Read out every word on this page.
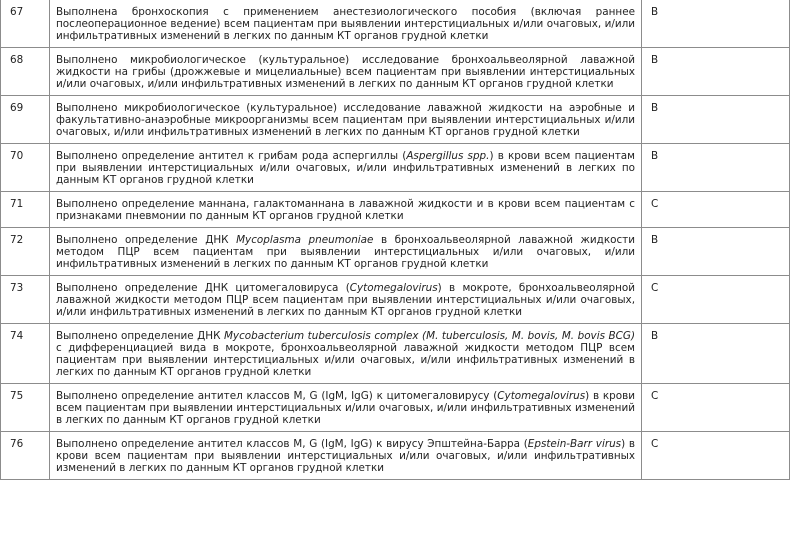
67	Выполнена бронхоскопия с применением анестезиологического пособия (включая раннее послеоперационное ведение) всем пациентам при выявлении интерстициальных и/или очаговых, и/или инфильтративных изменений в легких по данным КТ органов грудной клетки	B
68	Выполнено микробиологическое (культуральное) исследование бронхоальвеолярной лаважной жидкости на грибы (дрожжевые и мицелиальные) всем пациентам при выявлении интерстициальных и/или очаговых, и/или инфильтративных изменений в легких по данным КТ органов грудной клетки	B
69	Выполнено микробиологическое (культуральное) исследование лаважной жидкости на аэробные и факультативно-анаэробные микроорганизмы всем пациентам при выявлении интерстициальных и/или очаговых, и/или инфильтративных изменений в легких по данным КТ органов грудной клетки	B
70	Выполнено определение антител к грибам рода аспергиллы (Aspergillus spp.) в крови всем пациентам при выявлении интерстициальных и/или очаговых, и/или инфильтративных изменений в легких по данным КТ органов грудной клетки	B
71	Выполнено определение маннана, галактоманнана в лаважной жидкости и в крови всем пациентам с признаками пневмонии по данным КТ органов грудной клетки	C
72	Выполнено определение ДНК Mycoplasma pneumoniae в бронхоальвеолярной лаважной жидкости методом ПЦР всем пациентам при выявлении интерстициальных и/или очаговых, и/или инфильтративных изменений в легких по данным КТ органов грудной клетки	B
73	Выполнено определение ДНК цитомегаловируса (Cytomegalovirus) в мокроте, бронхоальвеолярной лаважной жидкости методом ПЦР всем пациентам при выявлении интерстициальных и/или очаговых, и/или инфильтративных изменений в легких по данным КТ органов грудной клетки	C
74	Выполнено определение ДНК Mycobacterium tuberculosis complex (M. tuberculosis, M. bovis, M. bovis BCG) с дифференциацией вида в мокроте, бронхоальвеолярной лаважной жидкости методом ПЦР всем пациентам при выявлении интерстициальных и/или очаговых, и/или инфильтративных изменений в легких по данным КТ органов грудной клетки	B
75	Выполнено определение антител классов M, G (IgM, IgG) к цитомегаловирусу (Cytomegalovirus) в крови всем пациентам при выявлении интерстициальных и/или очаговых, и/или инфильтративных изменений в легких по данным КТ органов грудной клетки	C
76	Выполнено определение антител классов M, G (IgM, IgG) к вирусу Эпштейна-Барра (Epstein-Barr virus) в крови всем пациентам при выявлении интерстициальных и/или очаговых, и/или инфильтративных изменений в легких по данным КТ органов грудной клетки	C
